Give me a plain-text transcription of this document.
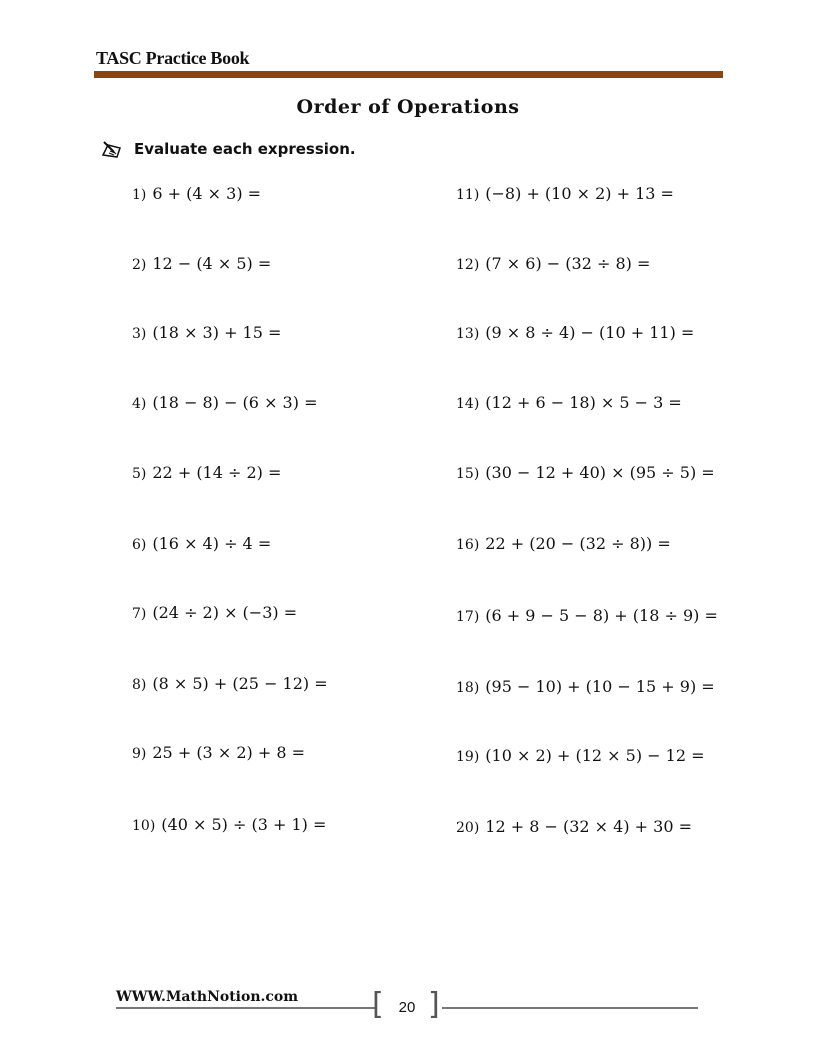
TASC Practice Book
Order of Operations
Evaluate each expression.
1) 6 + (4 × 3) =
2) 12 − (4 × 5) =
3) (18 × 3) + 15 =
4) (18 − 8) − (6 × 3) =
5) 22 + (14 ÷ 2) =
6) (16 × 4) ÷ 4 =
7) (24 ÷ 2) × (−3) =
8) (8 × 5) + (25 − 12) =
9) 25 + (3 × 2) + 8 =
10) (40 × 5) ÷ (3 + 1) =
11) (−8) + (10 × 2) + 13 =
12) (7 × 6) − (32 ÷ 8) =
13) (9 × 8 ÷ 4) − (10 + 11) =
14) (12 + 6 − 18) × 5 − 3 =
15) (30 − 12 + 40) × (95 ÷ 5) =
16) 22 + (20 − (32 ÷ 8)) =
17) (6 + 9 − 5 − 8) + (18 ÷ 9) =
18) (95 − 10) + (10 − 15 + 9) =
19) (10 × 2) + (12 × 5) − 12 =
20) 12 + 8 − (32 × 4) + 30 =
WWW.MathNotion.com [ ]
20
